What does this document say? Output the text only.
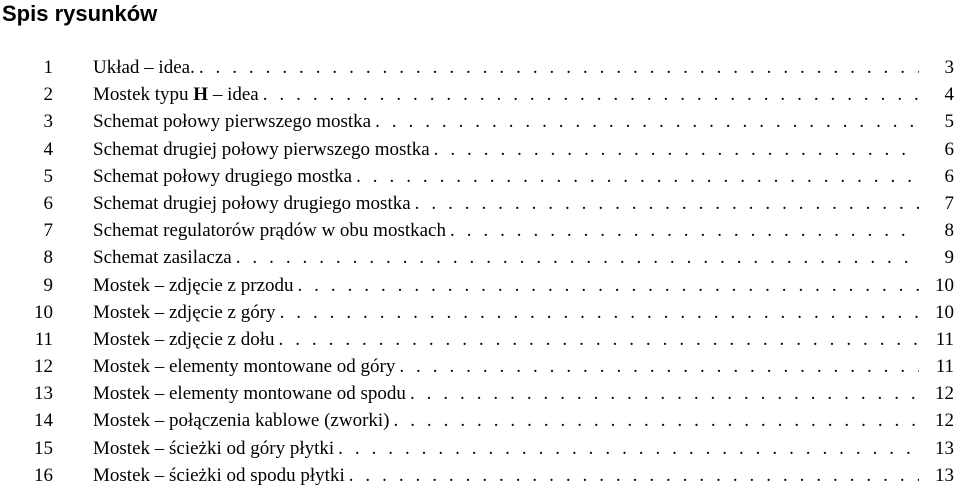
Spis rysunków
1 Układ – idea. . . .	3
2 Mostek typu H – idea . . .	4
3 Schemat połowy pierwszego mostka . . .	5
4 Schemat drugiej połowy pierwszego mostka . . .	6
5 Schemat połowy drugiego mostka . . .	6
6 Schemat drugiej połowy drugiego mostka . . .	7
7 Schemat regulatorów prądów w obu mostkach . . .	8
8 Schemat zasilacza . . .	9
9 Mostek – zdjęcie z przodu . . .	10
10 Mostek – zdjęcie z góry . . .	10
11 Mostek – zdjęcie z dołu . . .	11
12 Mostek – elementy montowane od góry . . .	11
13 Mostek – elementy montowane od spodu . . .	12
14 Mostek – połączenia kablowe (zworki) . . .	12
15 Mostek – ścieżki od góry płytki . . .	13
16 Mostek – ścieżki od spodu płytki . . .	13
